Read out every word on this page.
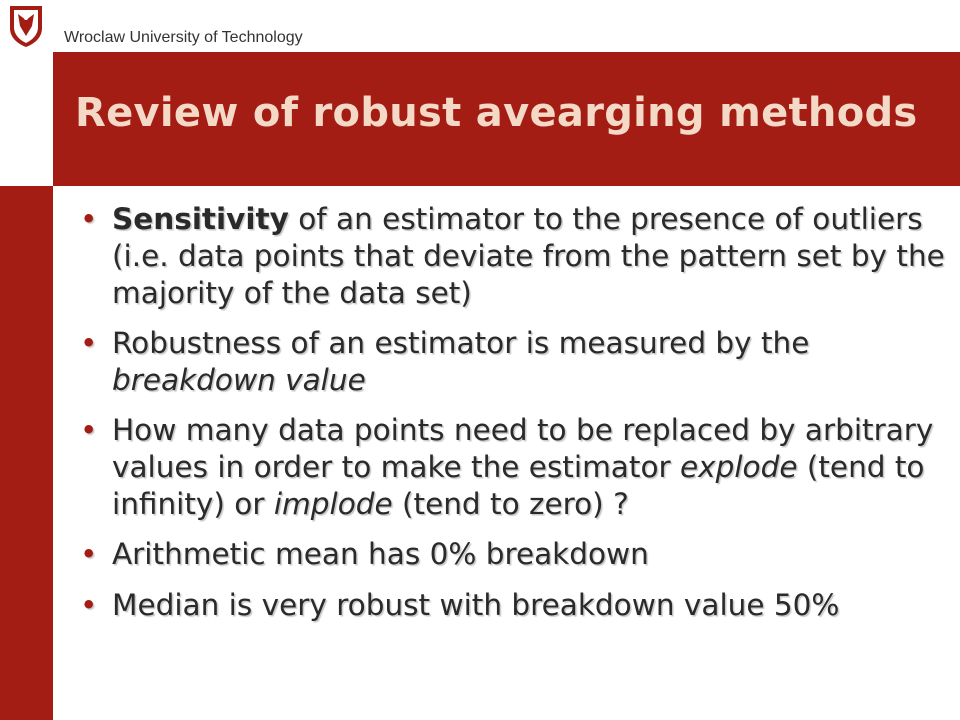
Wroclaw University of Technology
Review of robust avearging methods
• Sensitivity of an estimator to the presence of outliers (i.e. data points that deviate from the pattern set by the majority of the data set)
• Robustness of an estimator is measured by the breakdown value
• How many data points need to be replaced by arbitrary values in order to make the estimator explode (tend to infinity) or implode (tend to zero) ?
• Arithmetic mean has 0% breakdown
• Median is very robust with breakdown value 50%
